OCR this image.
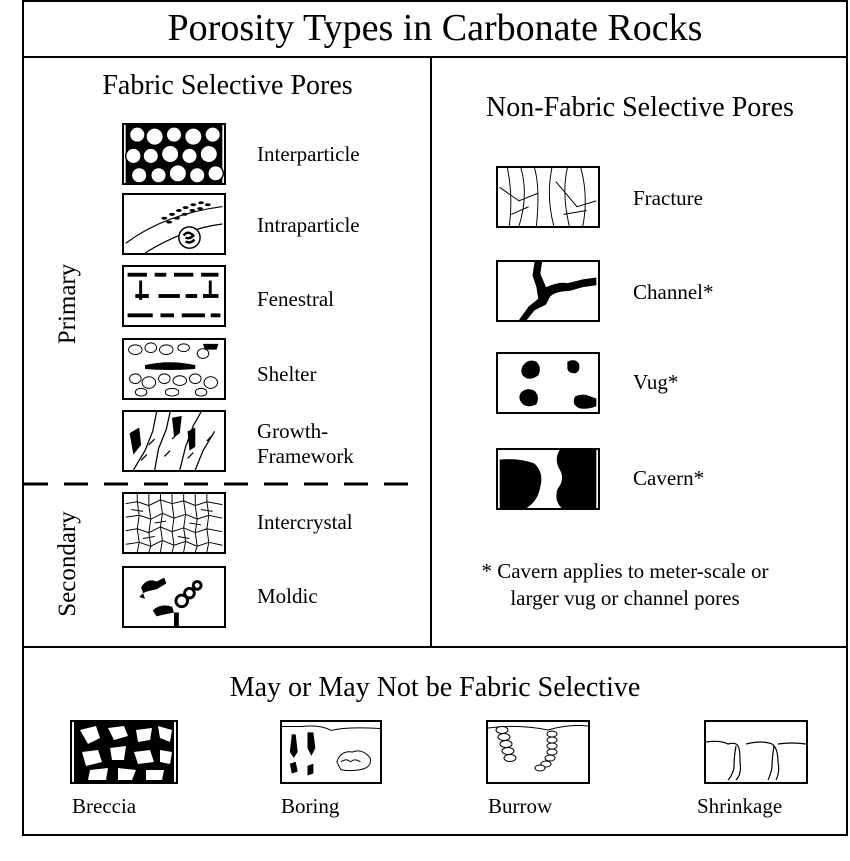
Porosity Types in Carbonate Rocks
Fabric Selective Pores
Primary
Secondary
Interparticle
Intraparticle
Fenestral
Shelter
Growth-
Framework
Intercrystal
Moldic
Non-Fabric Selective Pores
Fracture
Channel*
Vug*
Cavern*
* Cavern applies to meter-scale or
larger vug or channel pores
May or May Not be Fabric Selective
Breccia	Boring	Burrow	Shrinkage
